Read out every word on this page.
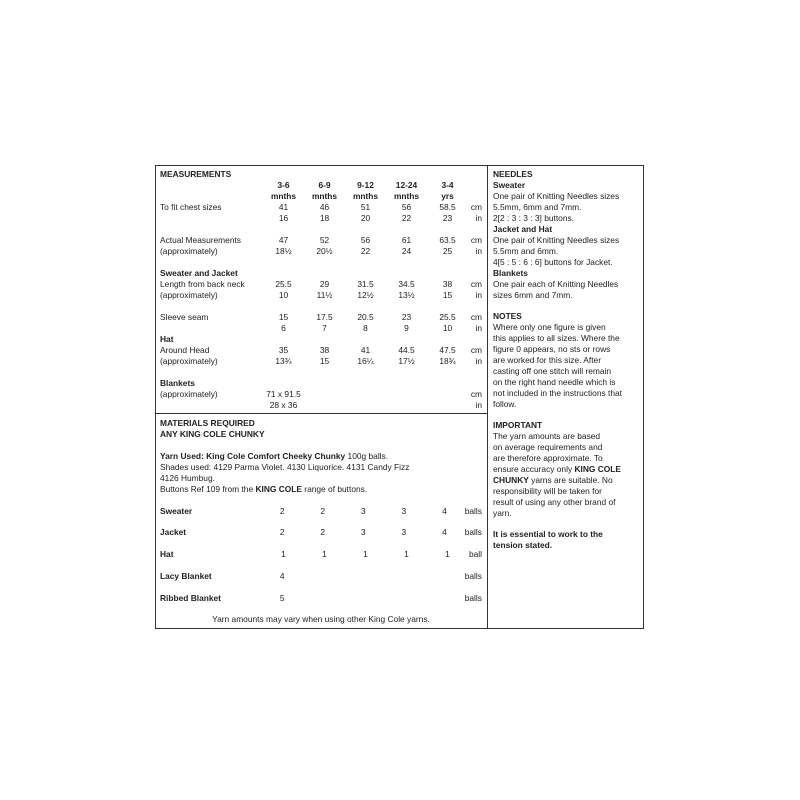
MEASUREMENTS
3-6	6-9	9-12	12-24	3-4
mnths	mnths	mnths	mnths	yrs
To fit chest sizes	41	46	51	56	58.5	cm
16	18	20	22	23	in
Actual Measurements	47	52	56	61	63.5	cm
(approximately)	18½	20½	22	24	25	in
Sweater and Jacket
Length from back neck	25.5	29	31.5	34.5	38	cm
(approximately)	10	11½	12½	13½	15	in
Sleeve seam	15	17.5	20.5	23	25.5	cm
6	7	8	9	10	in
Hat
Around Head	35	38	41	44.5	47.5	cm
(approximately)	13¾	15	16¼	17½	18¾	in
Blankets
(approximately)	71 x 91.5	cm
28 x 36	in
MATERIALS REQUIRED
ANY KING COLE CHUNKY
Yarn Used: King Cole Comfort Cheeky Chunky 100g balls.
Shades used: 4129 Parma Violet. 4130 Liquorice. 4131 Candy Fizz
4126 Humbug.
Buttons Ref 109 from the KING COLE range of buttons.
Sweater	2	2	3	3	4	balls
Jacket	2	2	3	3	4	balls
Hat	1	1	1	1	1	ball
Lacy Blanket	4	balls
Ribbed Blanket	5	balls
Yarn amounts may vary when using other King Cole yarns.
NEEDLES
Sweater
One pair of Knitting Needles sizes
5.5mm, 6mm and 7mm.
2[2 : 3 : 3 : 3] buttons.
Jacket and Hat
One pair of Knitting Needles sizes
5.5mm and 6mm.
4[5 : 5 : 6 : 6] buttons for Jacket.
Blankets
One pair each of Knitting Needles
sizes 6mm and 7mm.
NOTES
Where only one figure is given
this applies to all sizes. Where the
figure 0 appears, no sts or rows
are worked for this size. After
casting off one stitch will remain
on the right hand needle which is
not included in the instructions that
follow.
IMPORTANT
The yarn amounts are based
on average requirements and
are therefore approximate. To
ensure accuracy only KING COLE
CHUNKY yarns are suitable. No
responsibility will be taken for
result of using any other brand of
yarn.
It is essential to work to the
tension stated.
